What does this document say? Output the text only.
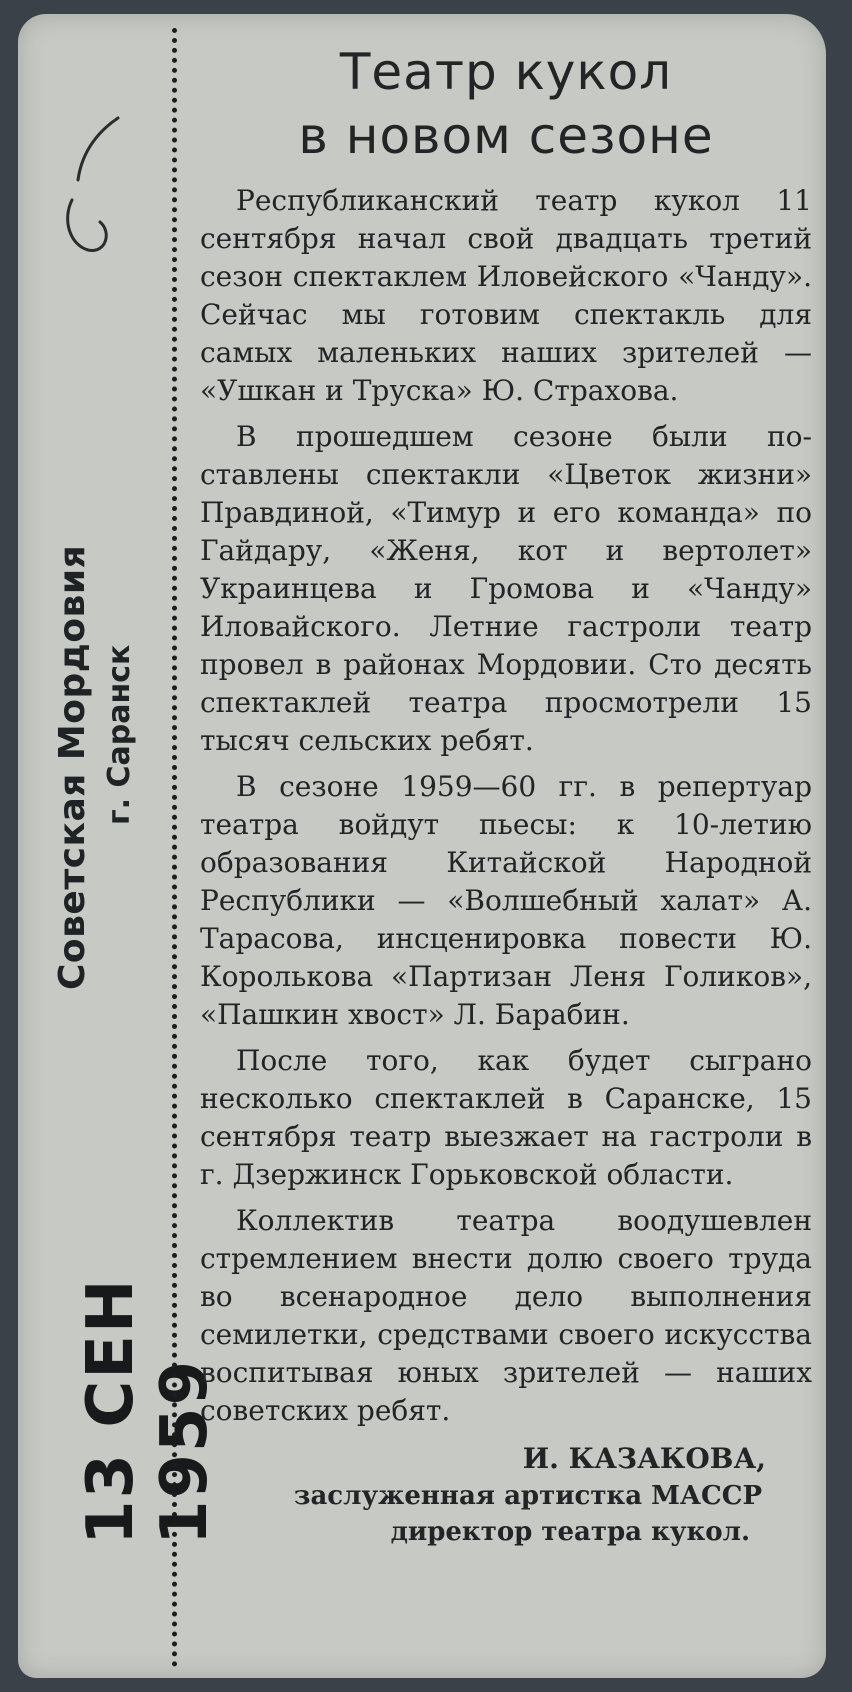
Советская Мордовия г. Саранск
13 СЕН 1959
Театр кукол
в новом сезоне

Республиканский театр кукол 11 сентября начал свой двадцать третий сезон спектаклем Иловейского «Чанду». Сейчас мы готовим спектакль для самых маленьких наших зрителей — «Ушкан и Труска» Ю. Страхова.

В прошедшем сезоне были поставлены спектакли «Цветок жизни» Правдиной, «Тимур и его команда» по Гайдару, «Женя, кот и вертолет» Украинцева и Громова и «Чанду» Иловайского. Летние гастроли театр провел в районах Мордовии. Сто десять спектаклей театра просмотрели 15 тысяч сельских ребят.

В сезоне 1959—60 гг. в репертуар театра войдут пьесы: к 10-летию образования Китайской Народной Республики — «Волшебный халат» А. Тарасова, инсценировка повести Ю. Королькова «Партизан Леня Голиков», «Пашкин хвост» Л. Барабин.

После того, как будет сыграно несколько спектаклей в Саранске, 15 сентября театр выезжает на гастроли в г. Дзержинск Горьковской области.

Коллектив театра воодушевлен стремлением внести долю своего труда во всенародное дело выполнения семилетки, средствами своего искусства воспитывая юных зрителей — наших советских ребят.

И. КАЗАКОВА,
заслуженная артистка МАССР
директор театра кукол.
